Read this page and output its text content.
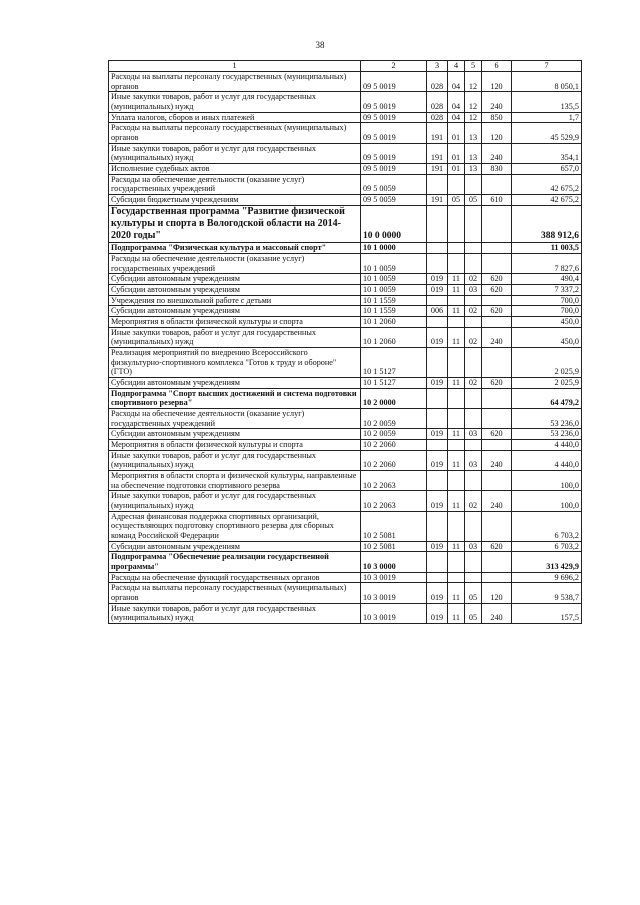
38
1	2	3	4	5	6	7
Расходы на выплаты персоналу государственных (муниципальных) органов	09 5 0019	028	04	12	120	8 050,1
Иные закупки товаров, работ и услуг для государственных (муниципальных) нужд	09 5 0019	028	04	12	240	135,5
Уплата налогов, сборов и иных платежей	09 5 0019	028	04	12	850	1,7
Расходы на выплаты персоналу государственных (муниципальных) органов	09 5 0019	191	01	13	120	45 529,9
Иные закупки товаров, работ и услуг для государственных (муниципальных) нужд	09 5 0019	191	01	13	240	354,1
Исполнение судебных актов	09 5 0019	191	01	13	830	657,0
Расходы на обеспечение деятельности (оказание услуг) государственных учреждений	09 5 0059					42 675,2
Субсидии бюджетным учреждениям	09 5 0059	191	05	05	610	42 675,2
Государственная программа "Развитие физической культуры и спорта в Вологодской области на 2014-2020 годы"	10 0 0000					388 912,6
Подпрограмма "Физическая культура и массовый спорт"	10 1 0000					11 003,5
Расходы на обеспечение деятельности (оказание услуг) государственных учреждений	10 1 0059					7 827,6
Субсидии автономным учреждениям	10 1 0059	019	11	02	620	490,4
Субсидии автономным учреждениям	10 1 0059	019	11	03	620	7 337,2
Учреждения по внешкольной работе с детьми	10 1 1559					700,0
Субсидии автономным учреждениям	10 1 1559	006	11	02	620	700,0
Мероприятия в области физической культуры и спорта	10 1 2060					450,0
Иные закупки товаров, работ и услуг для государственных (муниципальных) нужд	10 1 2060	019	11	02	240	450,0
Реализация мероприятий по внедрению Всероссийского физкультурно-спортивного комплекса "Готов к труду и обороне" (ГТО)	10 1 5127					2 025,9
Субсидии автономным учреждениям	10 1 5127	019	11	02	620	2 025,9
Подпрограмма "Спорт высших достижений и система подготовки спортивного резерва"	10 2 0000					64 479,2
Расходы на обеспечение деятельности (оказание услуг) государственных учреждений	10 2 0059					53 236,0
Субсидии автономным учреждениям	10 2 0059	019	11	03	620	53 236,0
Мероприятия в области физической культуры и спорта	10 2 2060					4 440,0
Иные закупки товаров, работ и услуг для государственных (муниципальных) нужд	10 2 2060	019	11	03	240	4 440,0
Мероприятия в области спорта и физической культуры, направленные на обеспечение подготовки спортивного резерва	10 2 2063					100,0
Иные закупки товаров, работ и услуг для государственных (муниципальных) нужд	10 2 2063	019	11	02	240	100,0
Адресная финансовая поддержка спортивных организаций, осуществляющих подготовку спортивного резерва для сборных команд Российской Федерации	10 2 5081					6 703,2
Субсидии автономным учреждениям	10 2 5081	019	11	03	620	6 703,2
Подпрограмма "Обеспечение реализации государственной программы"	10 3 0000					313 429,9
Расходы на обеспечение функций государственных органов	10 3 0019					9 696,2
Расходы на выплаты персоналу государственных (муниципальных) органов	10 3 0019	019	11	05	120	9 538,7
Иные закупки товаров, работ и услуг для государственных (муниципальных) нужд	10 3 0019	019	11	05	240	157,5
